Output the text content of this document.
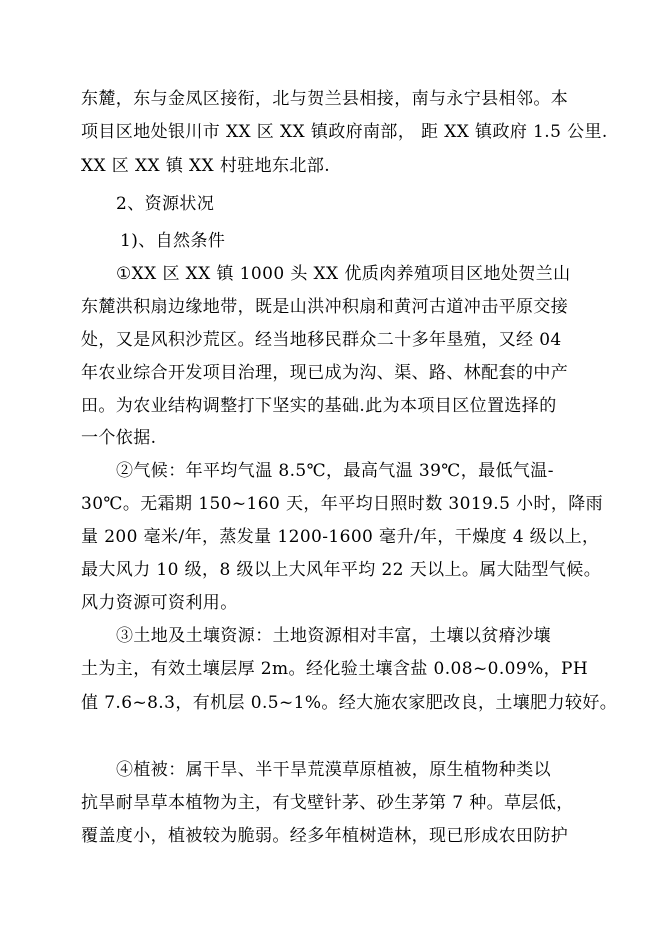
东麓，东与金凤区接衔，北与贺兰县相接，南与永宁县相邻。本
项目区地处银川市 XX 区 XX 镇政府南部， 距 XX 镇政府 1.5 公里.
XX 区 XX 镇 XX 村驻地东北部.
2、资源状况
1)、自然条件
①XX 区 XX 镇 1000 头 XX 优质肉养殖项目区地处贺兰山
东麓洪积扇边缘地带，既是山洪冲积扇和黄河古道冲击平原交接
处，又是风积沙荒区。经当地移民群众二十多年垦殖，又经 04
年农业综合开发项目治理，现已成为沟、渠、路、林配套的中产
田。为农业结构调整打下坚实的基础.此为本项目区位置选择的
一个依据.
②气候：年平均气温 8.5℃，最高气温 39℃，最低气温-
30℃。无霜期 150~160 天，年平均日照时数 3019.5 小时，降雨
量 200 毫米/年，蒸发量 1200-1600 毫升/年，干燥度 4 级以上，
最大风力 10 级，8 级以上大风年平均 22 天以上。属大陆型气候。
风力资源可资利用。
③土地及土壤资源：土地资源相对丰富，土壤以贫瘠沙壤
土为主，有效土壤层厚 2m。经化验土壤含盐 0.08~0.09%，PH
值 7.6~8.3，有机层 0.5~1%。经大施农家肥改良，土壤肥力较好。
④植被：属干旱、半干旱荒漠草原植被，原生植物种类以
抗旱耐旱草本植物为主，有戈壁针茅、砂生茅第 7 种。草层低，
覆盖度小，植被较为脆弱。经多年植树造林，现已形成农田防护
